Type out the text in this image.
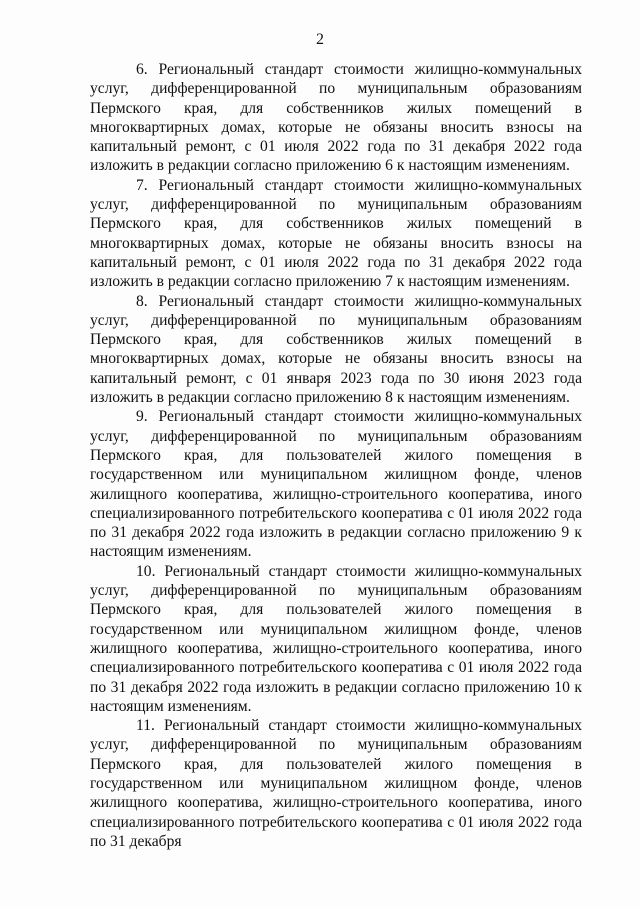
2

6. Региональный стандарт стоимости жилищно-коммунальных услуг, дифференцированной по муниципальным образованиям Пермского края, для собственников жилых помещений в многоквартирных домах, которые не обязаны вносить взносы на капитальный ремонт, с 01 июля 2022 года по 31 декабря 2022 года изложить в редакции согласно приложению 6 к настоящим изменениям.

7. Региональный стандарт стоимости жилищно-коммунальных услуг, дифференцированной по муниципальным образованиям Пермского края, для собственников жилых помещений в многоквартирных домах, которые не обязаны вносить взносы на капитальный ремонт, с 01 июля 2022 года по 31 декабря 2022 года изложить в редакции согласно приложению 7 к настоящим изменениям.

8. Региональный стандарт стоимости жилищно-коммунальных услуг, дифференцированной по муниципальным образованиям Пермского края, для собственников жилых помещений в многоквартирных домах, которые не обязаны вносить взносы на капитальный ремонт, с 01 января 2023 года по 30 июня 2023 года изложить в редакции согласно приложению 8 к настоящим изменениям.

9. Региональный стандарт стоимости жилищно-коммунальных услуг, дифференцированной по муниципальным образованиям Пермского края, для пользователей жилого помещения в государственном или муниципальном жилищном фонде, членов жилищного кооператива, жилищно-строительного кооператива, иного специализированного потребительского кооператива с 01 июля 2022 года по 31 декабря 2022 года изложить в редакции согласно приложению 9 к настоящим изменениям.

10. Региональный стандарт стоимости жилищно-коммунальных услуг, дифференцированной по муниципальным образованиям Пермского края, для пользователей жилого помещения в государственном или муниципальном жилищном фонде, членов жилищного кооператива, жилищно-строительного кооператива, иного специализированного потребительского кооператива с 01 июля 2022 года по 31 декабря 2022 года изложить в редакции согласно приложению 10 к настоящим изменениям.

11. Региональный стандарт стоимости жилищно-коммунальных услуг, дифференцированной по муниципальным образованиям Пермского края, для пользователей жилого помещения в государственном или муниципальном жилищном фонде, членов жилищного кооператива, жилищно-строительного кооператива, иного специализированного потребительского кооператива с 01 июля 2022 года по 31 декабря
